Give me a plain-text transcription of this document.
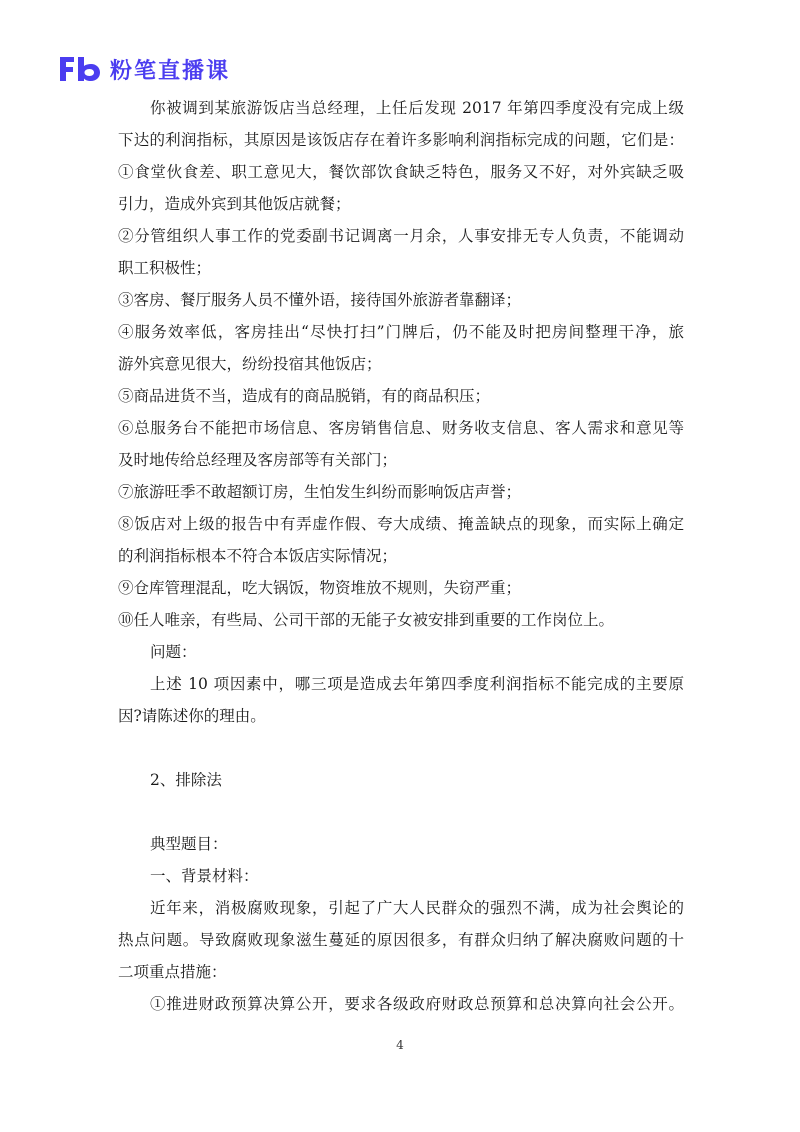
粉笔直播课
你被调到某旅游饭店当总经理，上任后发现 2017 年第四季度没有完成上级
下达的利润指标，其原因是该饭店存在着许多影响利润指标完成的问题，它们是：
①食堂伙食差、职工意见大，餐饮部饮食缺乏特色，服务又不好，对外宾缺乏吸
引力，造成外宾到其他饭店就餐；
②分管组织人事工作的党委副书记调离一月余，人事安排无专人负责，不能调动
职工积极性；
③客房、餐厅服务人员不懂外语，接待国外旅游者靠翻译；
④服务效率低，客房挂出“尽快打扫”门牌后，仍不能及时把房间整理干净，旅
游外宾意见很大，纷纷投宿其他饭店；
⑤商品进货不当，造成有的商品脱销，有的商品积压；
⑥总服务台不能把市场信息、客房销售信息、财务收支信息、客人需求和意见等
及时地传给总经理及客房部等有关部门；
⑦旅游旺季不敢超额订房，生怕发生纠纷而影响饭店声誉；
⑧饭店对上级的报告中有弄虚作假、夸大成绩、掩盖缺点的现象，而实际上确定
的利润指标根本不符合本饭店实际情况；
⑨仓库管理混乱，吃大锅饭，物资堆放不规则，失窃严重；
⑩任人唯亲，有些局、公司干部的无能子女被安排到重要的工作岗位上。
问题：
上述 10 项因素中，哪三项是造成去年第四季度利润指标不能完成的主要原
因?请陈述你的理由。
2、排除法
典型题目：
一、背景材料：
近年来，消极腐败现象，引起了广大人民群众的强烈不满，成为社会舆论的
热点问题。导致腐败现象滋生蔓延的原因很多，有群众归纳了解决腐败问题的十
二项重点措施：
①推进财政预算决算公开，要求各级政府财政总预算和总决算向社会公开。
4
